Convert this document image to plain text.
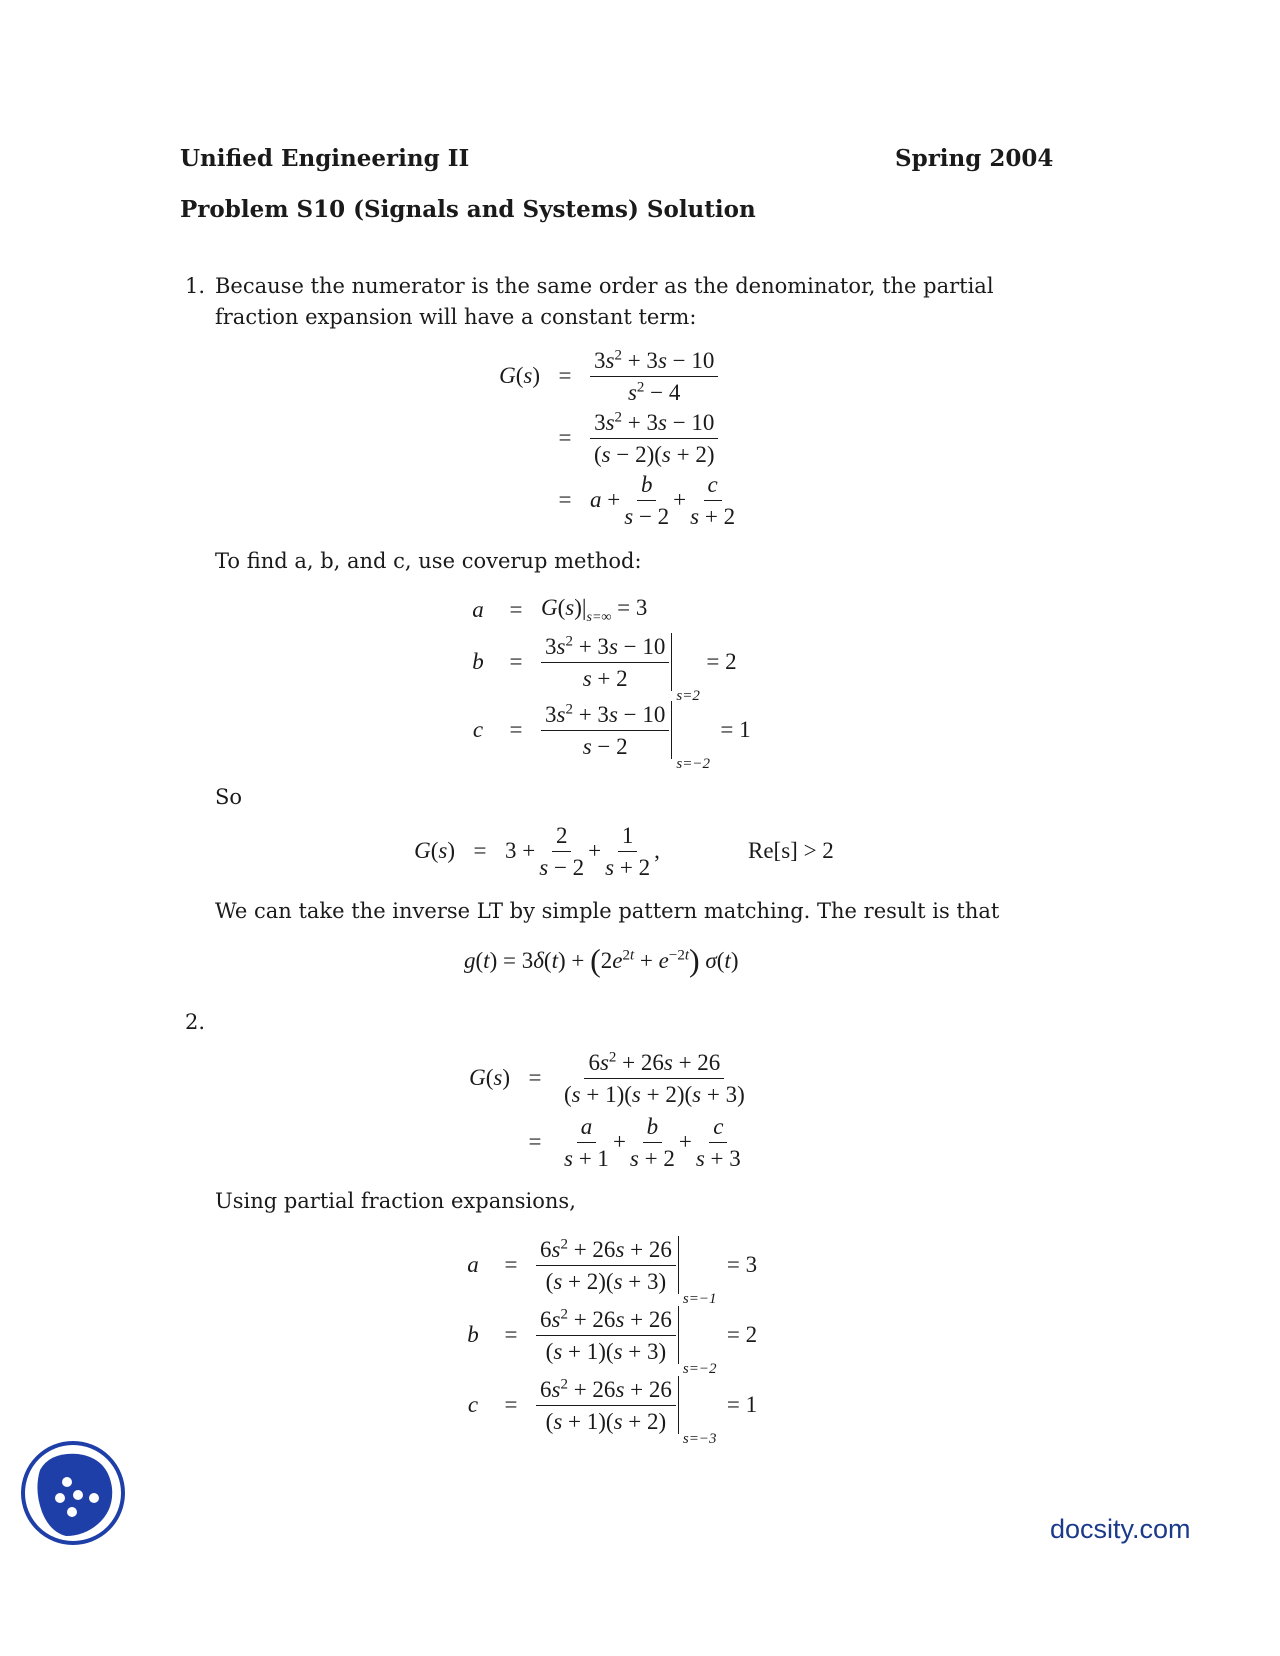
Unified Engineering II	Spring 2004
Problem S10 (Signals and Systems) Solution
1. Because the numerator is the same order as the denominator, the partial fraction expansion will have a constant term:
$G(s) = \frac{3s^2 + 3s - 10}{s^2 - 4}$
= $\frac{3s^2 + 3s - 10}{(s - 2)(s + 2)}$
= $a + \frac{b}{s - 2} + \frac{c}{s + 2}$
To find a, b, and c, use coverup method:
a	= $G(s)|_{s=\infty} = 3$
b	= $\frac{3s^2 + 3s - 10}{s + 2}$
s=2
= 2
c	= $\frac{3s^2 + 3s - 10}{s - 2}$
s=−2
= 1
So
$G(s) = 3 + \frac{2}{s - 2} + \frac{1}{s + 2}$ ,	Re[s] > 2
We can take the inverse LT by simple pattern matching. The result is that
$g(t) = 3\delta(t) + (2e^{2t} + e^{-2t})$ σ(t)
2.
$G(s) = \frac{6s^2 + 26s + 26}{(s + 1)(s + 2)(s + 3)}$
= $\frac{a}{s + 1} + \frac{b}{s + 2} + \frac{c}{s + 3}$
Using partial fraction expansions,
a	= $\frac{6s^2 + 26s + 26}{(s + 2)(s + 3)}$
s=−1
= 3
b	= $\frac{6s^2 + 26s + 26}{(s + 1)(s + 3)}$
s=−2
= 2
c	= $\frac{6s^2 + 26s + 26}{(s + 1)(s + 2)}$
s=−3
= 1
docsity.com
